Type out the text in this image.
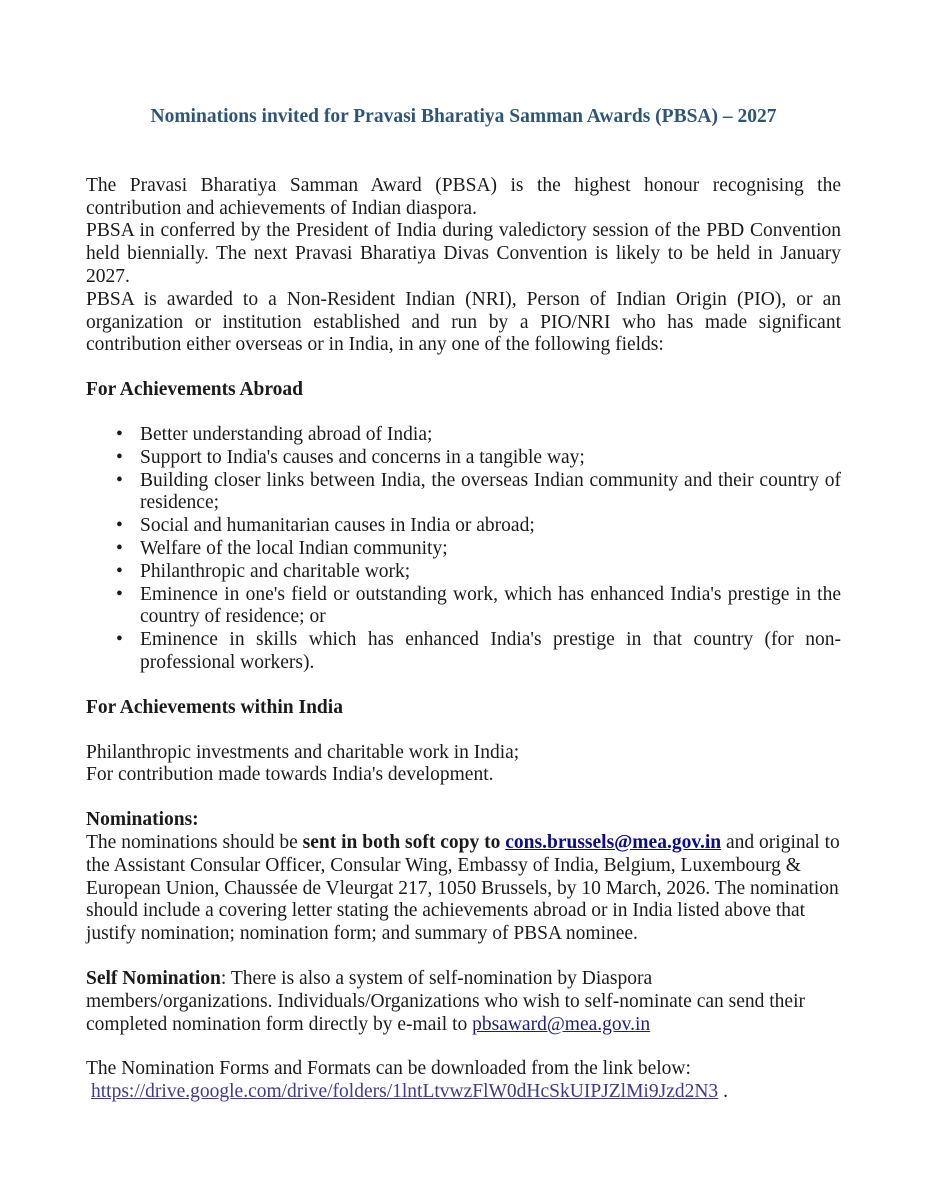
Nominations invited for Pravasi Bharatiya Samman Awards (PBSA) – 2027

The Pravasi Bharatiya Samman Award (PBSA) is the highest honour recognising the contribution and achievements of Indian diaspora.

PBSA in conferred by the President of India during valedictory session of the PBD Convention held biennially. The next Pravasi Bharatiya Divas Convention is likely to be held in January 2027.

PBSA is awarded to a Non-Resident Indian (NRI), Person of Indian Origin (PIO), or an organization or institution established and run by a PIO/NRI who has made significant contribution either overseas or in India, in any one of the following fields:

For Achievements Abroad

• Better understanding abroad of India;
• Support to India's causes and concerns in a tangible way;
• Building closer links between India, the overseas Indian community and their country of residence;
• Social and humanitarian causes in India or abroad;
• Welfare of the local Indian community;
• Philanthropic and charitable work;
• Eminence in one's field or outstanding work, which has enhanced India's prestige in the country of residence; or
• Eminence in skills which has enhanced India's prestige in that country (for non-professional workers).

For Achievements within India

Philanthropic investments and charitable work in India;

For contribution made towards India's development.

Nominations:

The nominations should be sent in both soft copy to cons.brussels@mea.gov.in and original to the Assistant Consular Officer, Consular Wing, Embassy of India, Belgium, Luxembourg & European Union, Chaussée de Vleurgat 217, 1050 Brussels, by 10 March, 2026. The nomination should include a covering letter stating the achievements abroad or in India listed above that justify nomination; nomination form; and summary of PBSA nominee.

Self Nomination: There is also a system of self-nomination by Diaspora members/organizations. Individuals/Organizations who wish to self-nominate can send their completed nomination form directly by e-mail to pbsaward@mea.gov.in

The Nomination Forms and Formats can be downloaded from the link below:

https://drive.google.com/drive/folders/1lntLtvwzFlW0dHcSkUIPJZlMi9Jzd2N3 .
